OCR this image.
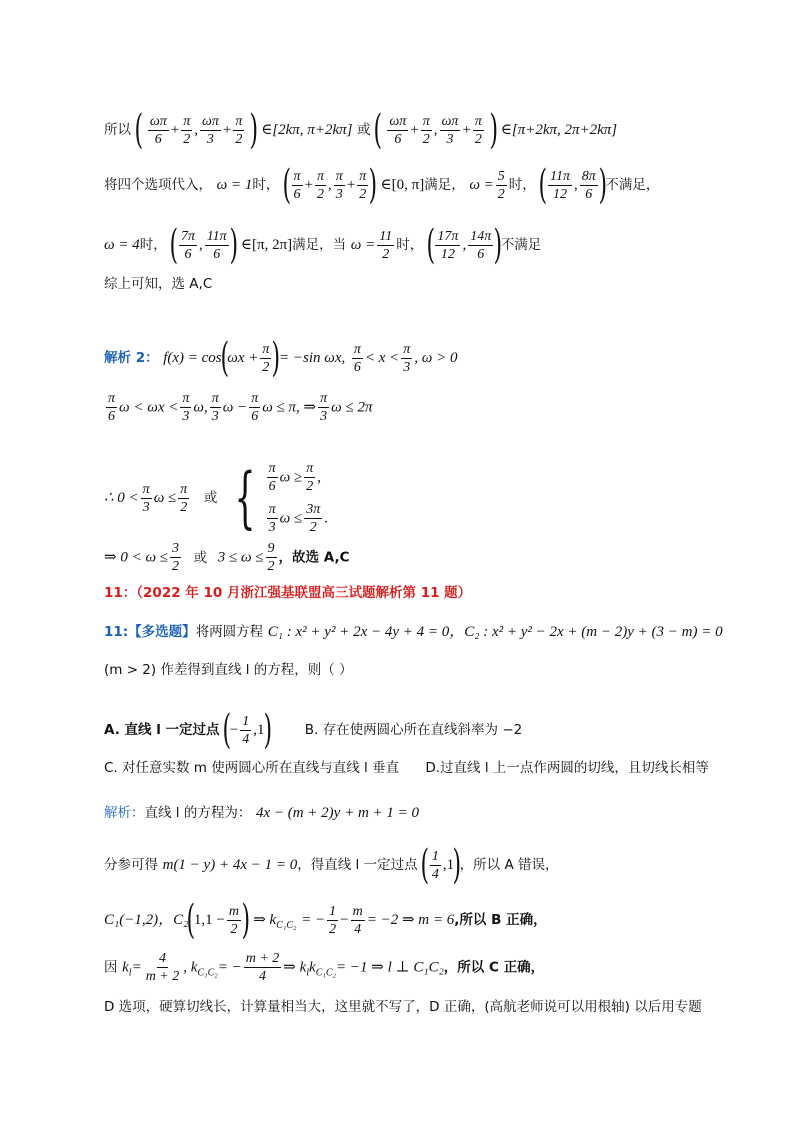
所以 ( $\frac{\omega\pi}{6} + \frac{\pi}{2}$ , $\frac{\omega\pi}{3} + \frac{\pi}{2}$ ) ∈[2kπ, π+2kπ] 或 ( $\frac{\omega\pi}{6} + \frac{\pi}{2}$ , $\frac{\omega\pi}{3} + \frac{\pi}{2}$ ) ∈[π+2kπ, 2π+2kπ]
将四个选项代入， ω = 1时， ( $\frac{\pi}{6} + \frac{\pi}{2}$ , $\frac{\pi}{3} + \frac{\pi}{2}$ ) ∈[0, π]满足， $\omega = \frac{5}{2}$ 时， ( $\frac{11\pi}{12}$ , $\frac{8\pi}{6}$ )不满足，
ω = 4时， ( $\frac{7\pi}{6}$ , $\frac{11\pi}{6}$ ) ∈[π, 2π]满足，当 $\omega = \frac{11}{2}$ 时， ( $\frac{17\pi}{12}$ , $\frac{14\pi}{6}$ )不满足
综上可知，选 A,C
解析 2： $f(x) = \cos(\omega x + \frac{\pi}{2}$ )= −sin ωx, $\frac{\pi}{6} < x < \frac{\pi}{3}$ , ω > 0
$\frac{\pi}{6}$ $\omega < \omega x < \frac{\pi}{3} \omega$, $\frac{\pi}{3}$ $\omega - \frac{\pi}{6}$ ω ≤ π, ⇒ $\frac{\pi}{3}$ ω ≤ 2π
∴ $0 < \frac{\pi}{3}$ $\omega \le \frac{\pi}{2}$ 或 { $\frac{\pi}{6}$ $\omega \ge \frac{\pi}{2}$ ,
$\frac{\pi}{3}$ $\omega \le \frac{3\pi}{2}$ .
⇒ $0 < \omega \le \frac{3}{2}$ 或 $3 \le \omega \le \frac{9}{2}$ ，故选 A,C
11：（2022 年 10 月浙江强基联盟高三试题解析第 11 题）
11:【多选题】将两圆方程 C₁ : x² + y² + 2x − 4y + 4 = 0，C₂ : x² + y² − 2x + (m − 2)y + (3 − m) = 0
(m > 2) 作差得到直线 l 的方程，则（ ）
A. 直线 l 一定过点 (− $\frac{1}{4} ,1$) B. 存在使两圆心所在直线斜率为 −2
C. 对任意实数 m 使两圆心所在直线与直线 l 垂直 D.过直线 l 上一点作两圆的切线，且切线长相等
解析：直线 l 的方程为： 4x − (m + 2)y + m + 1 = 0
分参可得 m(1 − y) + 4x − 1 = 0，得直线 l 一定过点 ( $\frac{1}{4} ,1$)，所以 A 错误，
C₁(−1,2)，$C_2(1,1 - \frac{m}{2}$ ) ⇒ $k_{C_1C_2}$ = − $\frac{1}{2} - \frac{m}{4} = -2$ ⇒ m = 6,所以 B 正确，
因 $k_l= \frac{4}{m + 2}$ , $k_{C_1C_2}= - \frac{m + 2}{4}$ ⇒ $k_lk_{C_1C_2}= -1$ ⇒ l ⊥ C₁C₂，所以 C 正确，
D 选项，硬算切线长，计算量相当大，这里就不写了，D 正确，(高航老师说可以用根轴) 以后用专题
